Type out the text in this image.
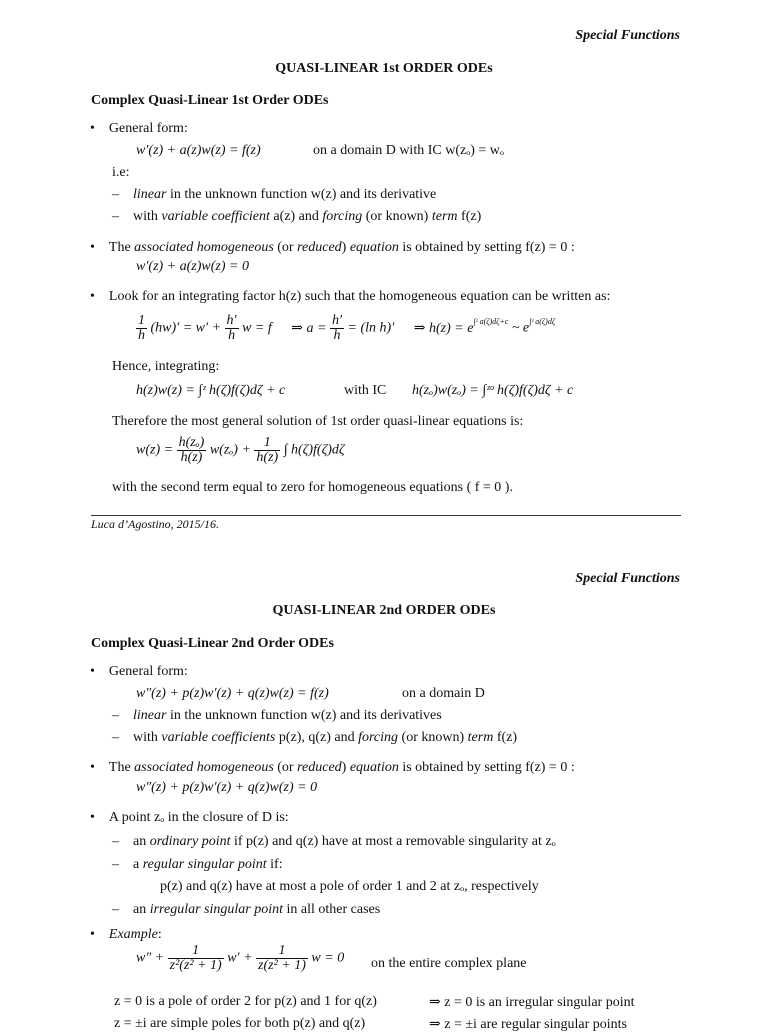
Special Functions
QUASI-LINEAR 1st ORDER ODEs
Complex Quasi-Linear 1st Order ODEs
• General form:
w′(z) + a(z)w(z) = f(z)	on a domain D with IC w(zₒ) = wₒ
i.e:
– linear in the unknown function w(z) and its derivative
– with variable coefficient a(z) and forcing (or known) term f(z)
• The associated homogeneous (or reduced) equation is obtained by setting f(z) = 0 :
w′(z) + a(z)w(z) = 0
• Look for an integrating factor h(z) such that the homogeneous equation can be written as:
$\frac{1}{h} (hw)' = w' + \frac{h'}{h}$ w = f ⇒ $a = \frac{h'}{h} = (\ln$ h)′ ⇒ $h(z) = e^{\int ᶻ a(\zeta)d\zeta+c}$ ~ $e^{\int ᶻ a(\zeta)d\zeta}$
Hence, integrating:
h(z)w(z) = ∫ᶻ h(ζ)f(ζ)dζ + c	with IC h(zₒ)w(zₒ) = ∫ᶻᵒ h(ζ)f(ζ)dζ + c
Therefore the most general solution of 1st order quasi-linear equations is:
$w(z) = \frac{\text{h(zₒ)}}{h(z)} w(z_o) + \frac{1}{h(z)}$ ∫ h(ζ)f(ζ)dζ
with the second term equal to zero for homogeneous equations ( f = 0 ).
Luca d’Agostino, 2015/16.
Special Functions
QUASI-LINEAR 2nd ORDER ODEs
Complex Quasi-Linear 2nd Order ODEs
• General form:
w″(z) + p(z)w′(z) + q(z)w(z) = f(z)	on a domain D
– linear in the unknown function w(z) and its derivatives
– with variable coefficients p(z), q(z) and forcing (or known) term f(z)
• The associated homogeneous (or reduced) equation is obtained by setting f(z) = 0 :
w″(z) + p(z)w′(z) + q(z)w(z) = 0
• A point zₒ in the closure of D is:
– an ordinary point if p(z) and q(z) have at most a removable singularity at zₒ
– a regular singular point if:
p(z) and q(z) have at most a pole of order 1 and 2 at zₒ, respectively
– an irregular singular point in all other cases
• Example:
$w'' + \frac{1}{\text{z²(z² + 1)}} w' + \frac{1}{\text{z(z² + 1)}}$ w = 0 on the entire complex plane
z = 0 is a pole of order 2 for p(z) and 1 for q(z)	⇒ z = 0 is an irregular singular point
z = ±i are simple poles for both p(z) and q(z)	⇒ z = ±i are regular singular points
